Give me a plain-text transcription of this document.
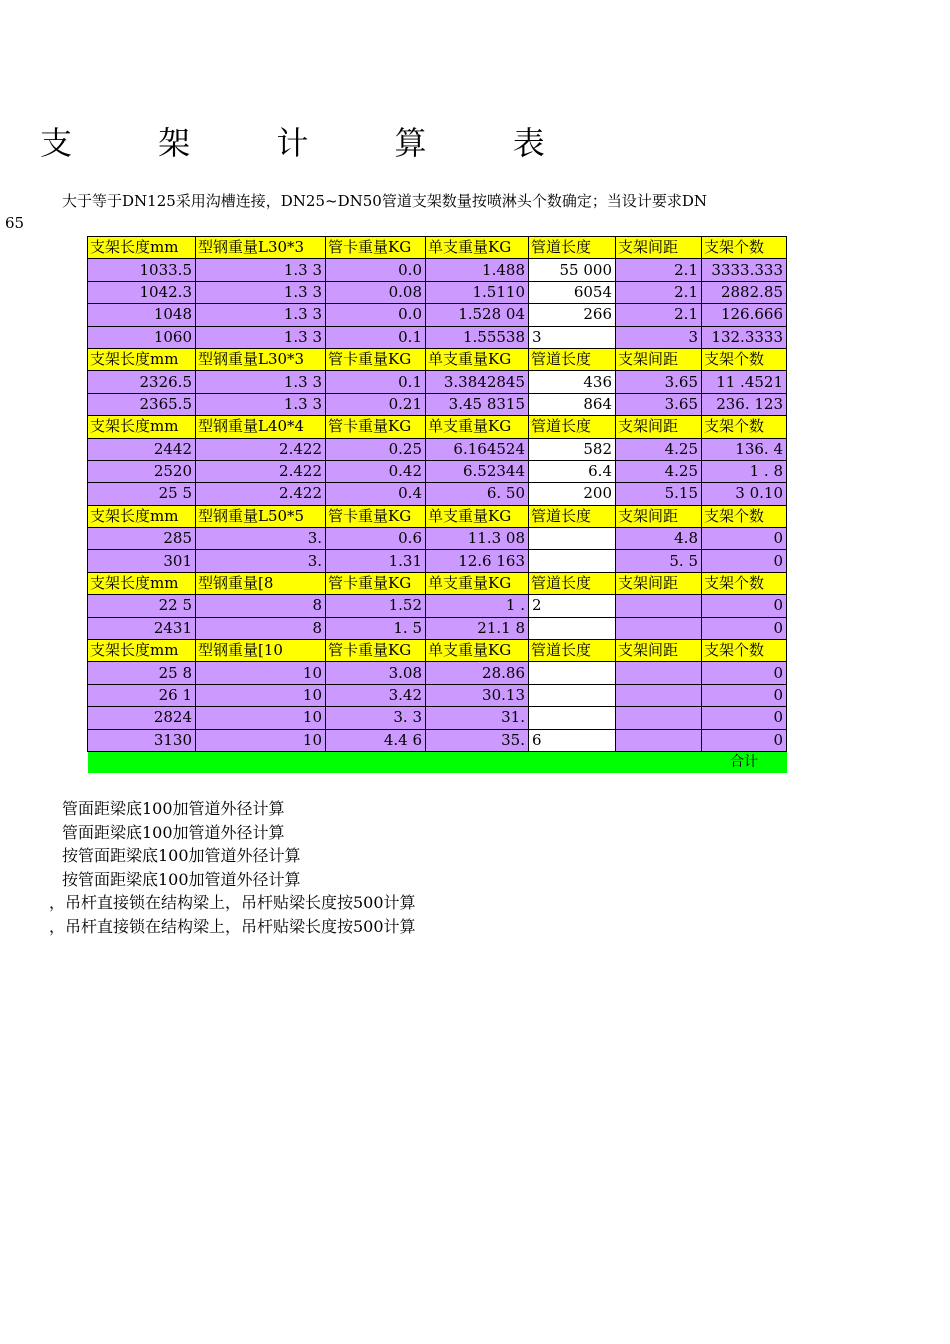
支 架 计 算 表
大于等于DN125采用沟槽连接，DN25~DN50管道支架数量按喷淋头个数确定；当设计要求DN
65
支架长度mm	型钢重量L30*3	管卡重量KG	单支重量KG	管道长度	支架间距	支架个数
1033.5	1.3 3	0.0	1.488	55 000	2.1	3333.333
1042.3	1.3 3	0.08	1.5110	6054	2.1	2882.85
1048	1.3 3	0.0	1.528 04	266	2.1	126.666
1060	1.3 3	0.1	1.55538	3	3	132.3333
支架长度mm	型钢重量L30*3	管卡重量KG	单支重量KG	管道长度	支架间距	支架个数
2326.5	1.3 3	0.1	3.3842845	436	3.65	11 .4521
2365.5	1.3 3	0.21	3.45 8315	864	3.65	236. 123
支架长度mm	型钢重量L40*4	管卡重量KG	单支重量KG	管道长度	支架间距	支架个数
2442	2.422	0.25	6.164524	582	4.25	136. 4
2520	2.422	0.42	6.52344	6.4	4.25	1 . 8
25 5	2.422	0.4	6. 50	200	5.15	3 0.10
支架长度mm	型钢重量L50*5	管卡重量KG	单支重量KG	管道长度	支架间距	支架个数
285	3.	0.6	11.3 08		4.8	0
301	3.	1.31	12.6 163		5. 5	0
支架长度mm	型钢重量[8	管卡重量KG	单支重量KG	管道长度	支架间距	支架个数
22 5	8	1.52	1 .	2		0
2431	8	1. 5	21.1 8			0
支架长度mm	型钢重量[10	管卡重量KG	单支重量KG	管道长度	支架间距	支架个数
25 8	10	3.08	28.86			0
26 1	10	3.42	30.13			0
2824	10	3. 3	31.			0
3130	10	4.4 6	35.	6		0
						合计
管面距梁底100加管道外径计算
管面距梁底100加管道外径计算
按管面距梁底100加管道外径计算
按管面距梁底100加管道外径计算
，吊杆直接锁在结构梁上，吊杆贴梁长度按500计算
，吊杆直接锁在结构梁上，吊杆贴梁长度按500计算
